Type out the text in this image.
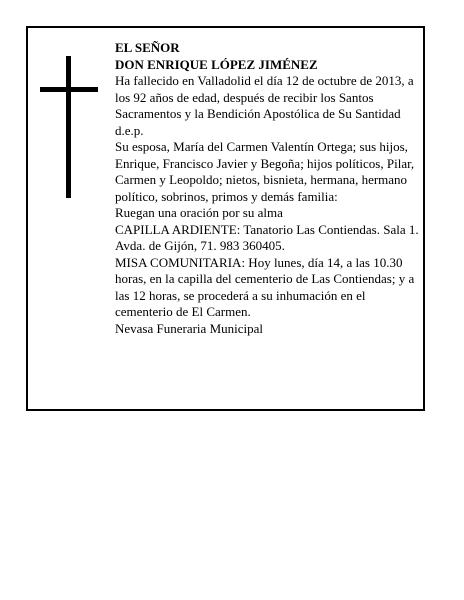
EL SEÑOR

DON ENRIQUE LÓPEZ JIMÉNEZ

Ha fallecido en Valladolid el día 12 de octubre de 2013, a los 92 años de edad, después de recibir los Santos Sacramentos y la Bendición Apostólica de Su Santidad d.e.p.

Su esposa, María del Carmen Valentín Ortega; sus hijos, Enrique, Francisco Javier y Begoña; hijos políticos, Pilar, Carmen y Leopoldo; nietos, bisnieta, hermana, hermano político, sobrinos, primos y demás familia:

Ruegan una oración por su alma

CAPILLA ARDIENTE: Tanatorio Las Contiendas. Sala 1. Avda. de Gijón, 71. 983 360405.

MISA COMUNITARIA: Hoy lunes, día 14, a las 10.30 horas, en la capilla del cementerio de Las Contiendas; y a las 12 horas, se procederá a su inhumación en el cementerio de El Carmen.

Nevasa Funeraria Municipal
